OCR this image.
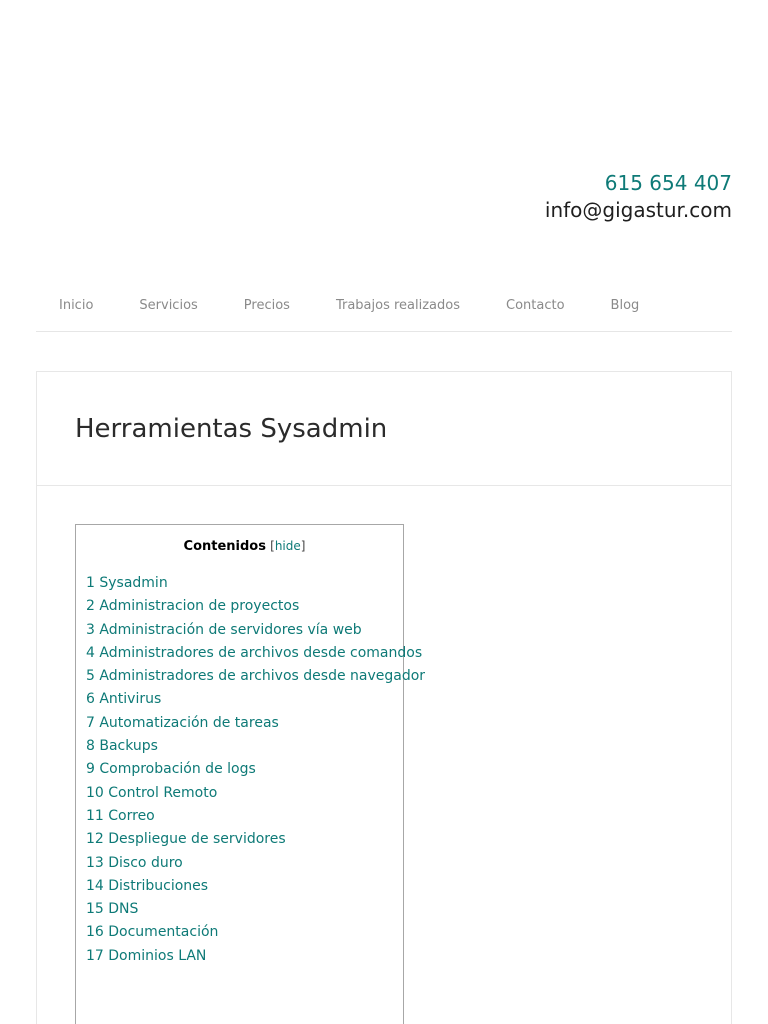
615 654 407
info@gigastur.com
Inicio	Servicios	Precios	Trabajos realizados	Contacto	Blog
Herramientas Sysadmin
Contenidos [hide]
1 Sysadmin
2 Administracion de proyectos
3 Administración de servidores vía web
4 Administradores de archivos desde comandos
5 Administradores de archivos desde navegador
6 Antivirus
7 Automatización de tareas
8 Backups
9 Comprobación de logs
10 Control Remoto
11 Correo
12 Despliegue de servidores
13 Disco duro
14 Distribuciones
15 DNS
16 Documentación
17 Dominios LAN
